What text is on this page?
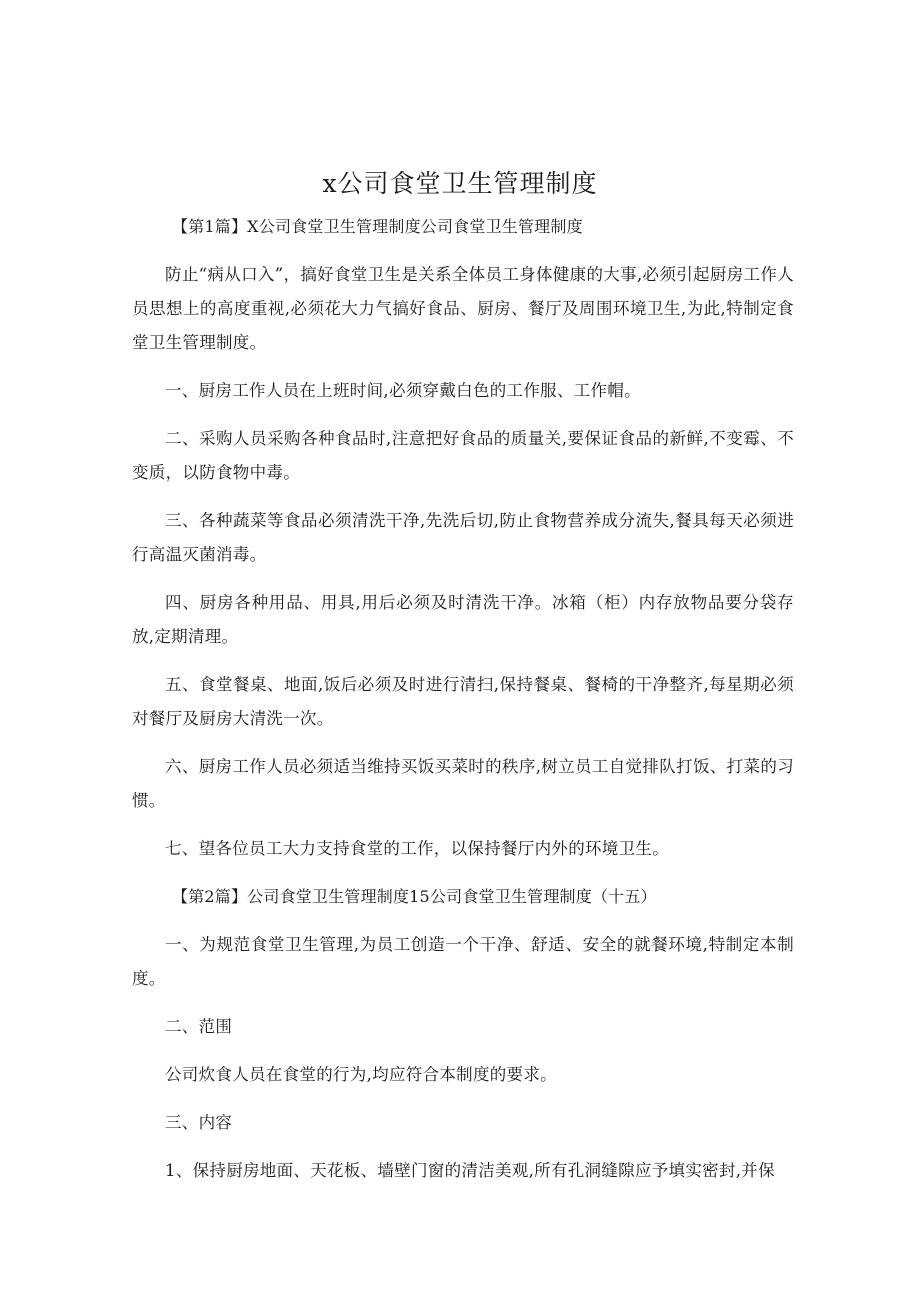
x公司食堂卫生管理制度

【第1篇】X公司食堂卫生管理制度公司食堂卫生管理制度

防止“病从口入”，搞好食堂卫生是关系全体员工身体健康的大事,必须引起厨房工作人员思想上的高度重视,必须花大力气搞好食品、厨房、餐厅及周围环境卫生,为此,特制定食堂卫生管理制度。

一、厨房工作人员在上班时间,必须穿戴白色的工作服、工作帽。

二、采购人员采购各种食品时,注意把好食品的质量关,要保证食品的新鲜,不变霉、不变质，以防食物中毒。

三、各种蔬菜等食品必须清洗干净,先洗后切,防止食物营养成分流失,餐具每天必须进行高温灭菌消毒。

四、厨房各种用品、用具,用后必须及时清洗干净。冰箱（柜）内存放物品要分袋存放,定期清理。

五、食堂餐桌、地面,饭后必须及时进行清扫,保持餐桌、餐椅的干净整齐,每星期必须对餐厅及厨房大清洗一次。

六、厨房工作人员必须适当维持买饭买菜时的秩序,树立员工自觉排队打饭、打菜的习惯。

七、望各位员工大力支持食堂的工作，以保持餐厅内外的环境卫生。

【第2篇】公司食堂卫生管理制度15公司食堂卫生管理制度（十五）

一、为规范食堂卫生管理,为员工创造一个干净、舒适、安全的就餐环境,特制定本制度。

二、范围

公司炊食人员在食堂的行为,均应符合本制度的要求。

三、内容

1、保持厨房地面、天花板、墙壁门窗的清洁美观,所有孔洞缝隙应予填实密封,并保
